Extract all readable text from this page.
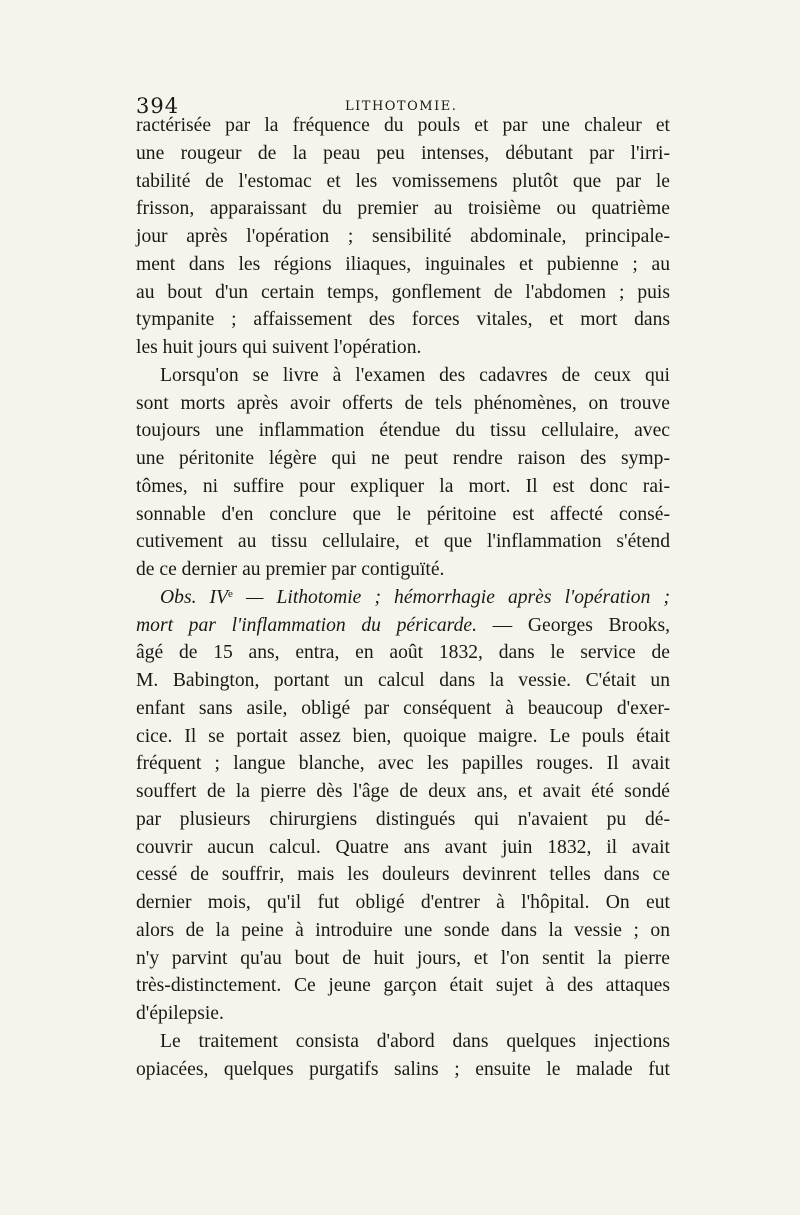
394	LITHOTOMIE.
ractérisée par la fréquence du pouls et par une chaleur et
une rougeur de la peau peu intenses, débutant par l'irri-
tabilité de l'estomac et les vomissemens plutôt que par le
frisson, apparaissant du premier au troisième ou quatrième
jour après l'opération ; sensibilité abdominale, principale-
ment dans les régions iliaques, inguinales et pubienne ; au
au bout d'un certain temps, gonflement de l'abdomen ; puis
tympanite ; affaissement des forces vitales, et mort dans
les huit jours qui suivent l'opération.
Lorsqu'on se livre à l'examen des cadavres de ceux qui
sont morts après avoir offerts de tels phénomènes, on trouve
toujours une inflammation étendue du tissu cellulaire, avec
une péritonite légère qui ne peut rendre raison des symp-
tômes, ni suffire pour expliquer la mort. Il est donc rai-
sonnable d'en conclure que le péritoine est affecté consé-
cutivement au tissu cellulaire, et que l'inflammation s'étend
de ce dernier au premier par contiguïté.
Obs. IVe — Lithotomie ; hémorrhagie après l'opération ;
mort par l'inflammation du péricarde. — Georges Brooks,
âgé de 15 ans, entra, en août 1832, dans le service de
M. Babington, portant un calcul dans la vessie. C'était un
enfant sans asile, obligé par conséquent à beaucoup d'exer-
cice. Il se portait assez bien, quoique maigre. Le pouls était
fréquent ; langue blanche, avec les papilles rouges. Il avait
souffert de la pierre dès l'âge de deux ans, et avait été sondé
par plusieurs chirurgiens distingués qui n'avaient pu dé-
couvrir aucun calcul. Quatre ans avant juin 1832, il avait
cessé de souffrir, mais les douleurs devinrent telles dans ce
dernier mois, qu'il fut obligé d'entrer à l'hôpital. On eut
alors de la peine à introduire une sonde dans la vessie ; on
n'y parvint qu'au bout de huit jours, et l'on sentit la pierre
très-distinctement. Ce jeune garçon était sujet à des attaques
d'épilepsie.
Le traitement consista d'abord dans quelques injections
opiacées, quelques purgatifs salins ; ensuite le malade fut
